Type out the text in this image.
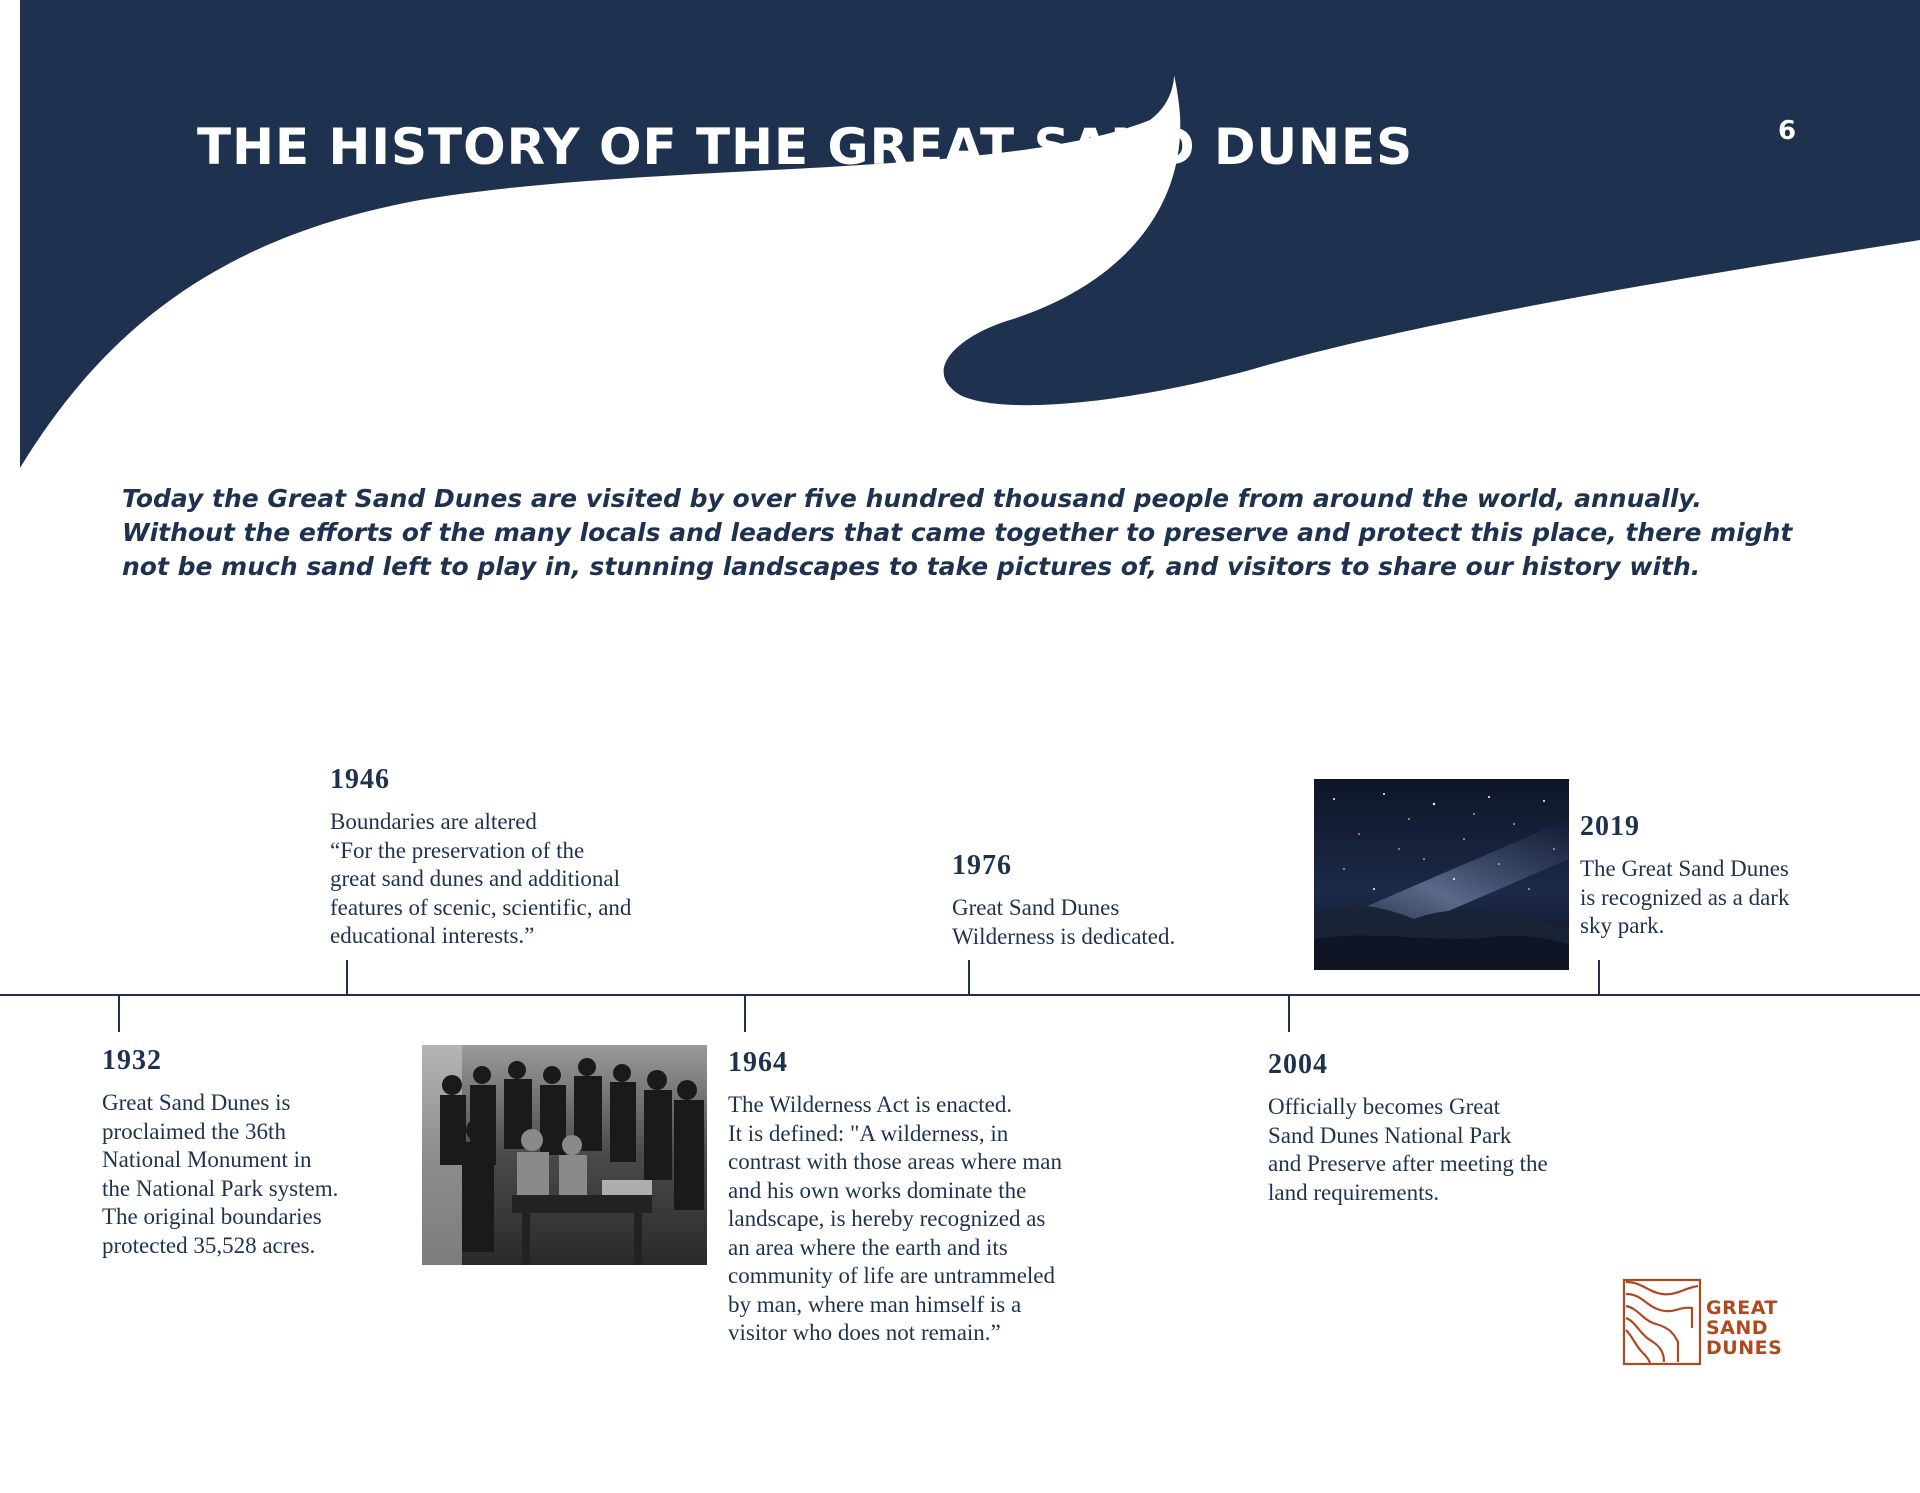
THE HISTORY OF THE GREAT SAND DUNES	6

Today the Great Sand Dunes are visited by over five hundred thousand people from around the world, annually. Without the efforts of the many locals and leaders that came together to preserve and protect this place, there might not be much sand left to play in, stunning landscapes to take pictures of, and visitors to share our history with.

1932

Great Sand Dunes is
proclaimed the 36th
National Monument in
the National Park system.
The original boundaries
protected 35,528 acres.

1946

Boundaries are altered
“For the preservation of the
great sand dunes and additional
features of scenic, scientific, and
educational interests.”

1964

The Wilderness Act is enacted.
It is defined: "A wilderness, in
contrast with those areas where man
and his own works dominate the
landscape, is hereby recognized as
an area where the earth and its
community of life are untrammeled
by man, where man himself is a
visitor who does not remain.”

1976

Great Sand Dunes
Wilderness is dedicated.

2004

Officially becomes Great
Sand Dunes National Park
and Preserve after meeting the
land requirements.

2019

The Great Sand Dunes
is recognized as a dark
sky park.

GREAT
SAND
DUNES
